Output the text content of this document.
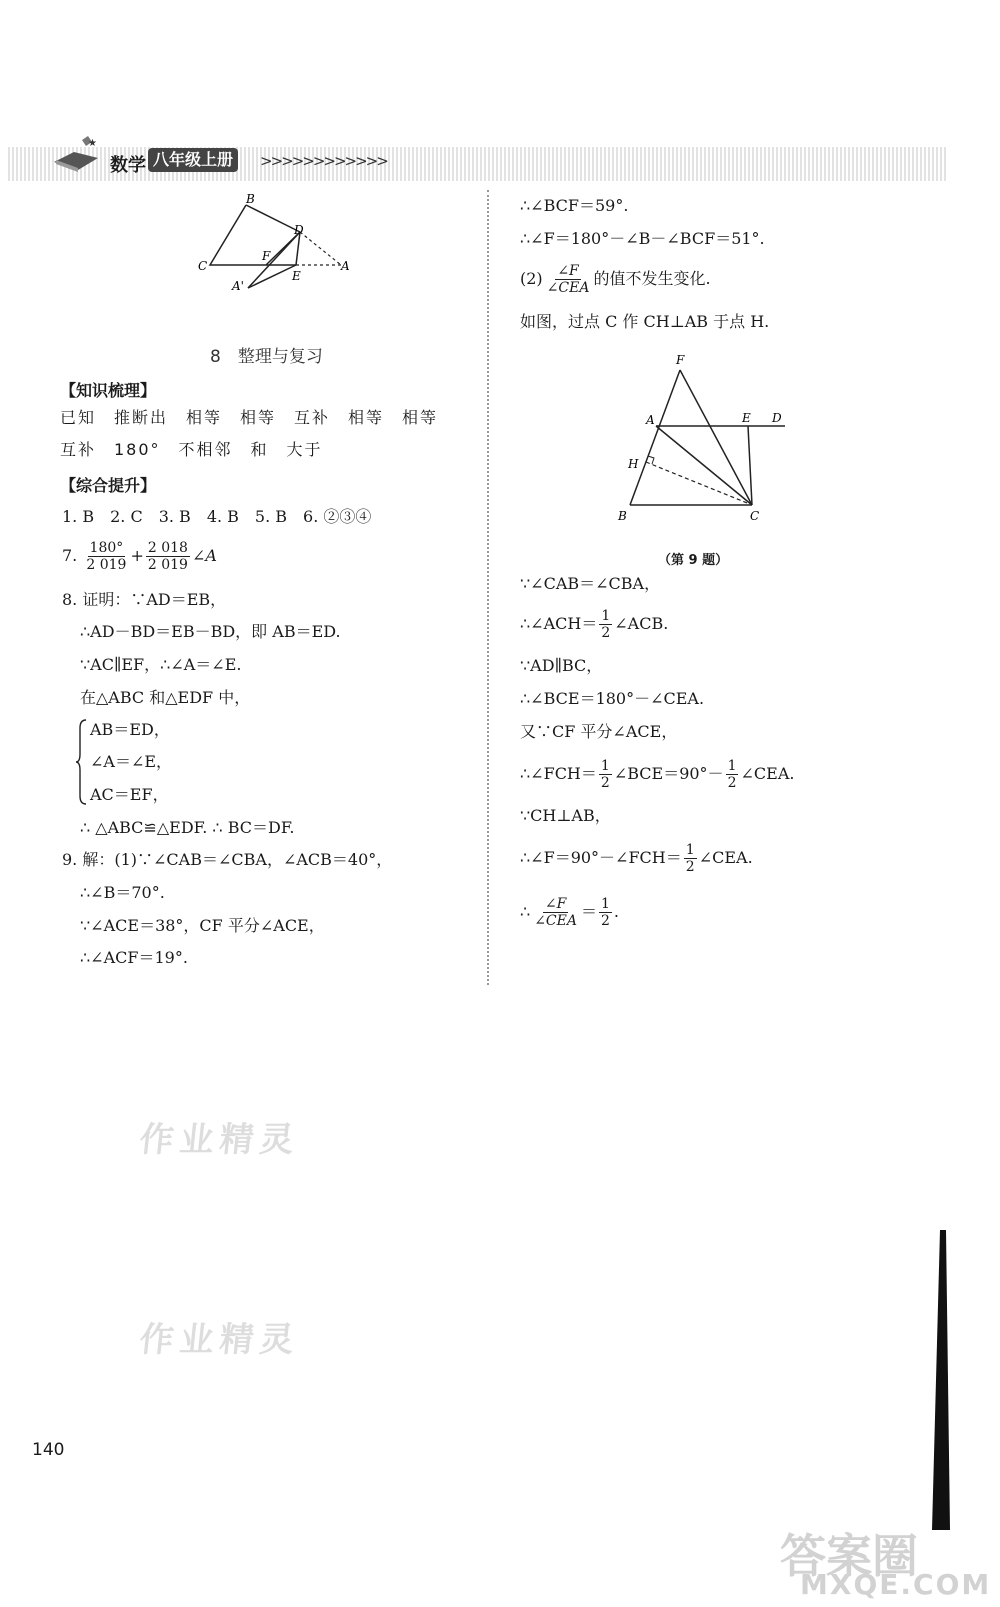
★
数学 八年级上册	>>>>>>>>>>>>
B
D
C
F
A
E
A'
8　整理与复习
【知识梳理】
已知　推断出　相等　相等　互补　相等　相等
互补　180°　不相邻　和　大于
【综合提升】
1. B　2. C　3. B　4. B　5. B　6. ②③④
7. $\frac{180^\circ}{2 019} + \frac{2 018}{2 019}$ ∠A
8. 证明：∵AD＝EB，
∴AD－BD＝EB－BD，即 AB＝ED.
∵AC∥EF，∴∠A＝∠E.
在△ABC 和△EDF 中，
AB＝ED，
∠A＝∠E，
AC＝EF，
∴ △ABC≌△EDF. ∴ BC＝DF.
9. 解：(1)∵∠CAB＝∠CBA，∠ACB＝40°，
∴∠B＝70°.
∵∠ACE＝38°，CF 平分∠ACE，
∴∠ACF＝19°.
∴∠BCF＝59°.
∴∠F＝180°－∠B－∠BCF＝51°.
$(2) \frac{\angle F}{\text{∠CEA}}$ 的值不发生变化.
如图，过点 C 作 CH⊥AB 于点 H.
F
A	E D
H
B	C
（第 9 题）
∵∠CAB＝∠CBA，
∴∠ACH＝ $\frac{1}{2}$ ∠ACB.
∵AD∥BC，
∴∠BCE＝180°－∠CEA.
又∵CF 平分∠ACE，
∴∠FCH＝ $\frac{1}{2}$ ∠BCE＝90°－ $\frac{1}{2}$ ∠CEA.
∵CH⊥AB，
∴∠F＝90°－∠FCH＝ $\frac{1}{2}$ ∠CEA.
∴ $\frac{\angle F}{\text{∠CEA}} = \frac{1}{2}$ .
作业精灵
作业精灵
140
答案圈
MXQE.COM
